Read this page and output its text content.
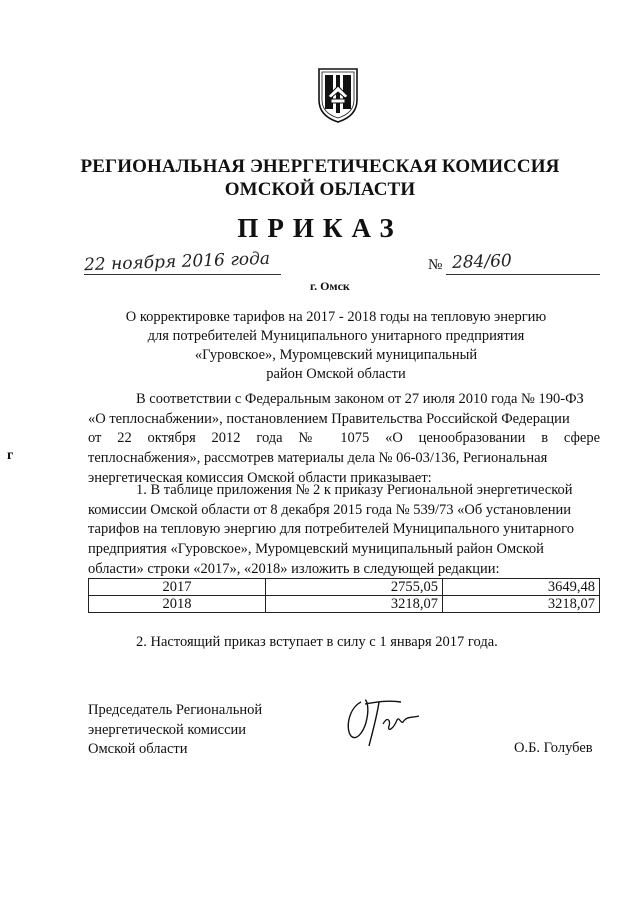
РЕГИОНАЛЬНАЯ ЭНЕРГЕТИЧЕСКАЯ КОМИССИЯ
ОМСКОЙ ОБЛАСТИ
ПРИКАЗ
22 ноября 2016 года
г. Омск
№ 284/60
О корректировке тарифов на 2017 - 2018 годы на тепловую энергию
для потребителей Муниципального унитарного предприятия
«Гуровское», Муромцевский муниципальный
район Омской области
г
В соответствии с Федеральным законом от 27 июля 2010 года № 190-ФЗ
«О теплоснабжении», постановлением Правительства Российской Федерации
от 22 октября 2012 года № 1075 «О ценообразовании в сфере
теплоснабжения», рассмотрев материалы дела № 06-03/136, Региональная
энергетическая комиссия Омской области приказывает:
1. В таблице приложения № 2 к приказу Региональной энергетической
комиссии Омской области от 8 декабря 2015 года № 539/73 «Об установлении
тарифов на тепловую энергию для потребителей Муниципального унитарного
предприятия «Гуровское», Муромцевский муниципальный район Омской
области» строки «2017», «2018» изложить в следующей редакции:
2017	2755,05	3649,48
2018	3218,07	3218,07
2. Настоящий приказ вступает в силу с 1 января 2017 года.
Председатель Региональной
энергетической комиссии
Омской области	О.Б. Голубев
